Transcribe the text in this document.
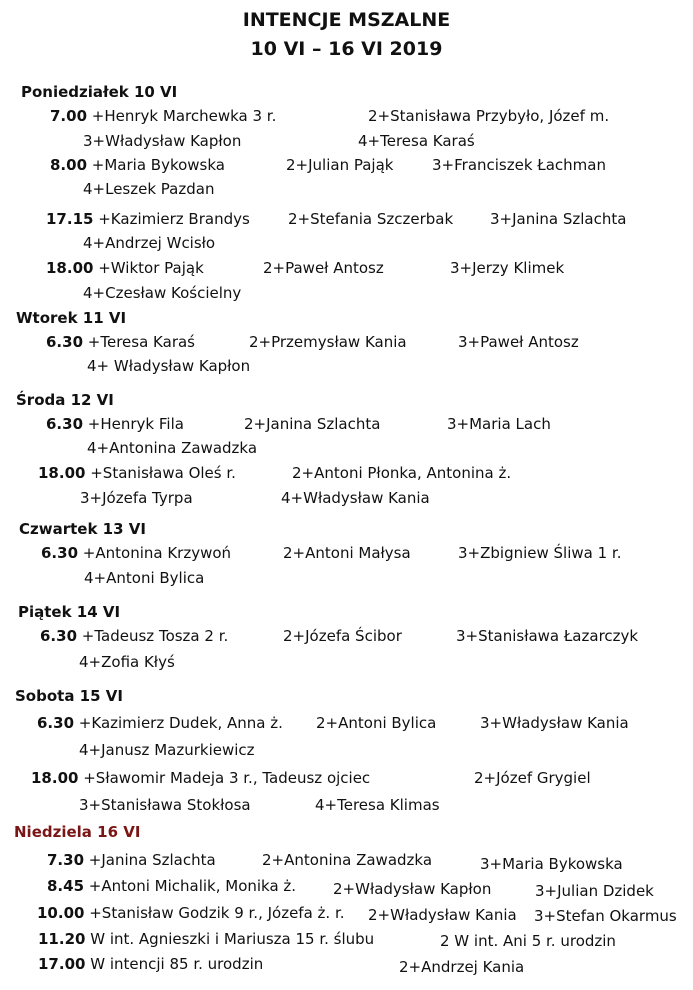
INTENCJE MSZALNE
10 VI – 16 VI 2019
Poniedziałek 10 VI
7.00 +Henryk Marchewka 3 r.	2+Stanisława Przybyło, Józef m.
3+Władysław Kapłon	4+Teresa Karaś
8.00 +Maria Bykowska	2+Julian Pająk	3+Franciszek Łachman
4+Leszek Pazdan
17.15 +Kazimierz Brandys	2+Stefania Szczerbak 3+Janina Szlachta
4+Andrzej Wcisło
18.00 +Wiktor Pająk	2+Paweł Antosz	3+Jerzy Klimek
4+Czesław Kościelny
Wtorek 11 VI
6.30 +Teresa Karaś	2+Przemysław Kania	3+Paweł Antosz
4+ Władysław Kapłon
Środa 12 VI
6.30 +Henryk Fila	2+Janina Szlachta	3+Maria Lach
4+Antonina Zawadzka
18.00 +Stanisława Oleś r.	2+Antoni Płonka, Antonina ż.
3+Józefa Tyrpa	4+Władysław Kania
Czwartek 13 VI
6.30 +Antonina Krzywoń	2+Antoni Małysa	3+Zbigniew Śliwa 1 r.
4+Antoni Bylica
Piątek 14 VI
6.30 +Tadeusz Tosza 2 r.	2+Józefa Ścibor	3+Stanisława Łazarczyk
4+Zofia Kłyś
Sobota 15 VI
6.30 +Kazimierz Dudek, Anna ż. 2+Antoni Bylica	3+Władysław Kania
4+Janusz Mazurkiewicz
18.00 +Sławomir Madeja 3 r., Tadeusz ojciec	2+Józef Grygiel
3+Stanisława Stokłosa	4+Teresa Klimas
Niedziela 16 VI
7.30 +Janina Szlachta	2+Antonina Zawadzka	3+Maria Bykowska
8.45 +Antoni Michalik, Monika ż. 2+Władysław Kapłon	3+Julian Dzidek
10.00 +Stanisław Godzik 9 r., Józefa ż. r. 2+Władysław Kania 3+Stefan Okarmus
11.20 W int. Agnieszki i Mariusza 15 r. ślubu	2 W int. Ani 5 r. urodzin
17.00 W intencji 85 r. urodzin	2+Andrzej Kania
